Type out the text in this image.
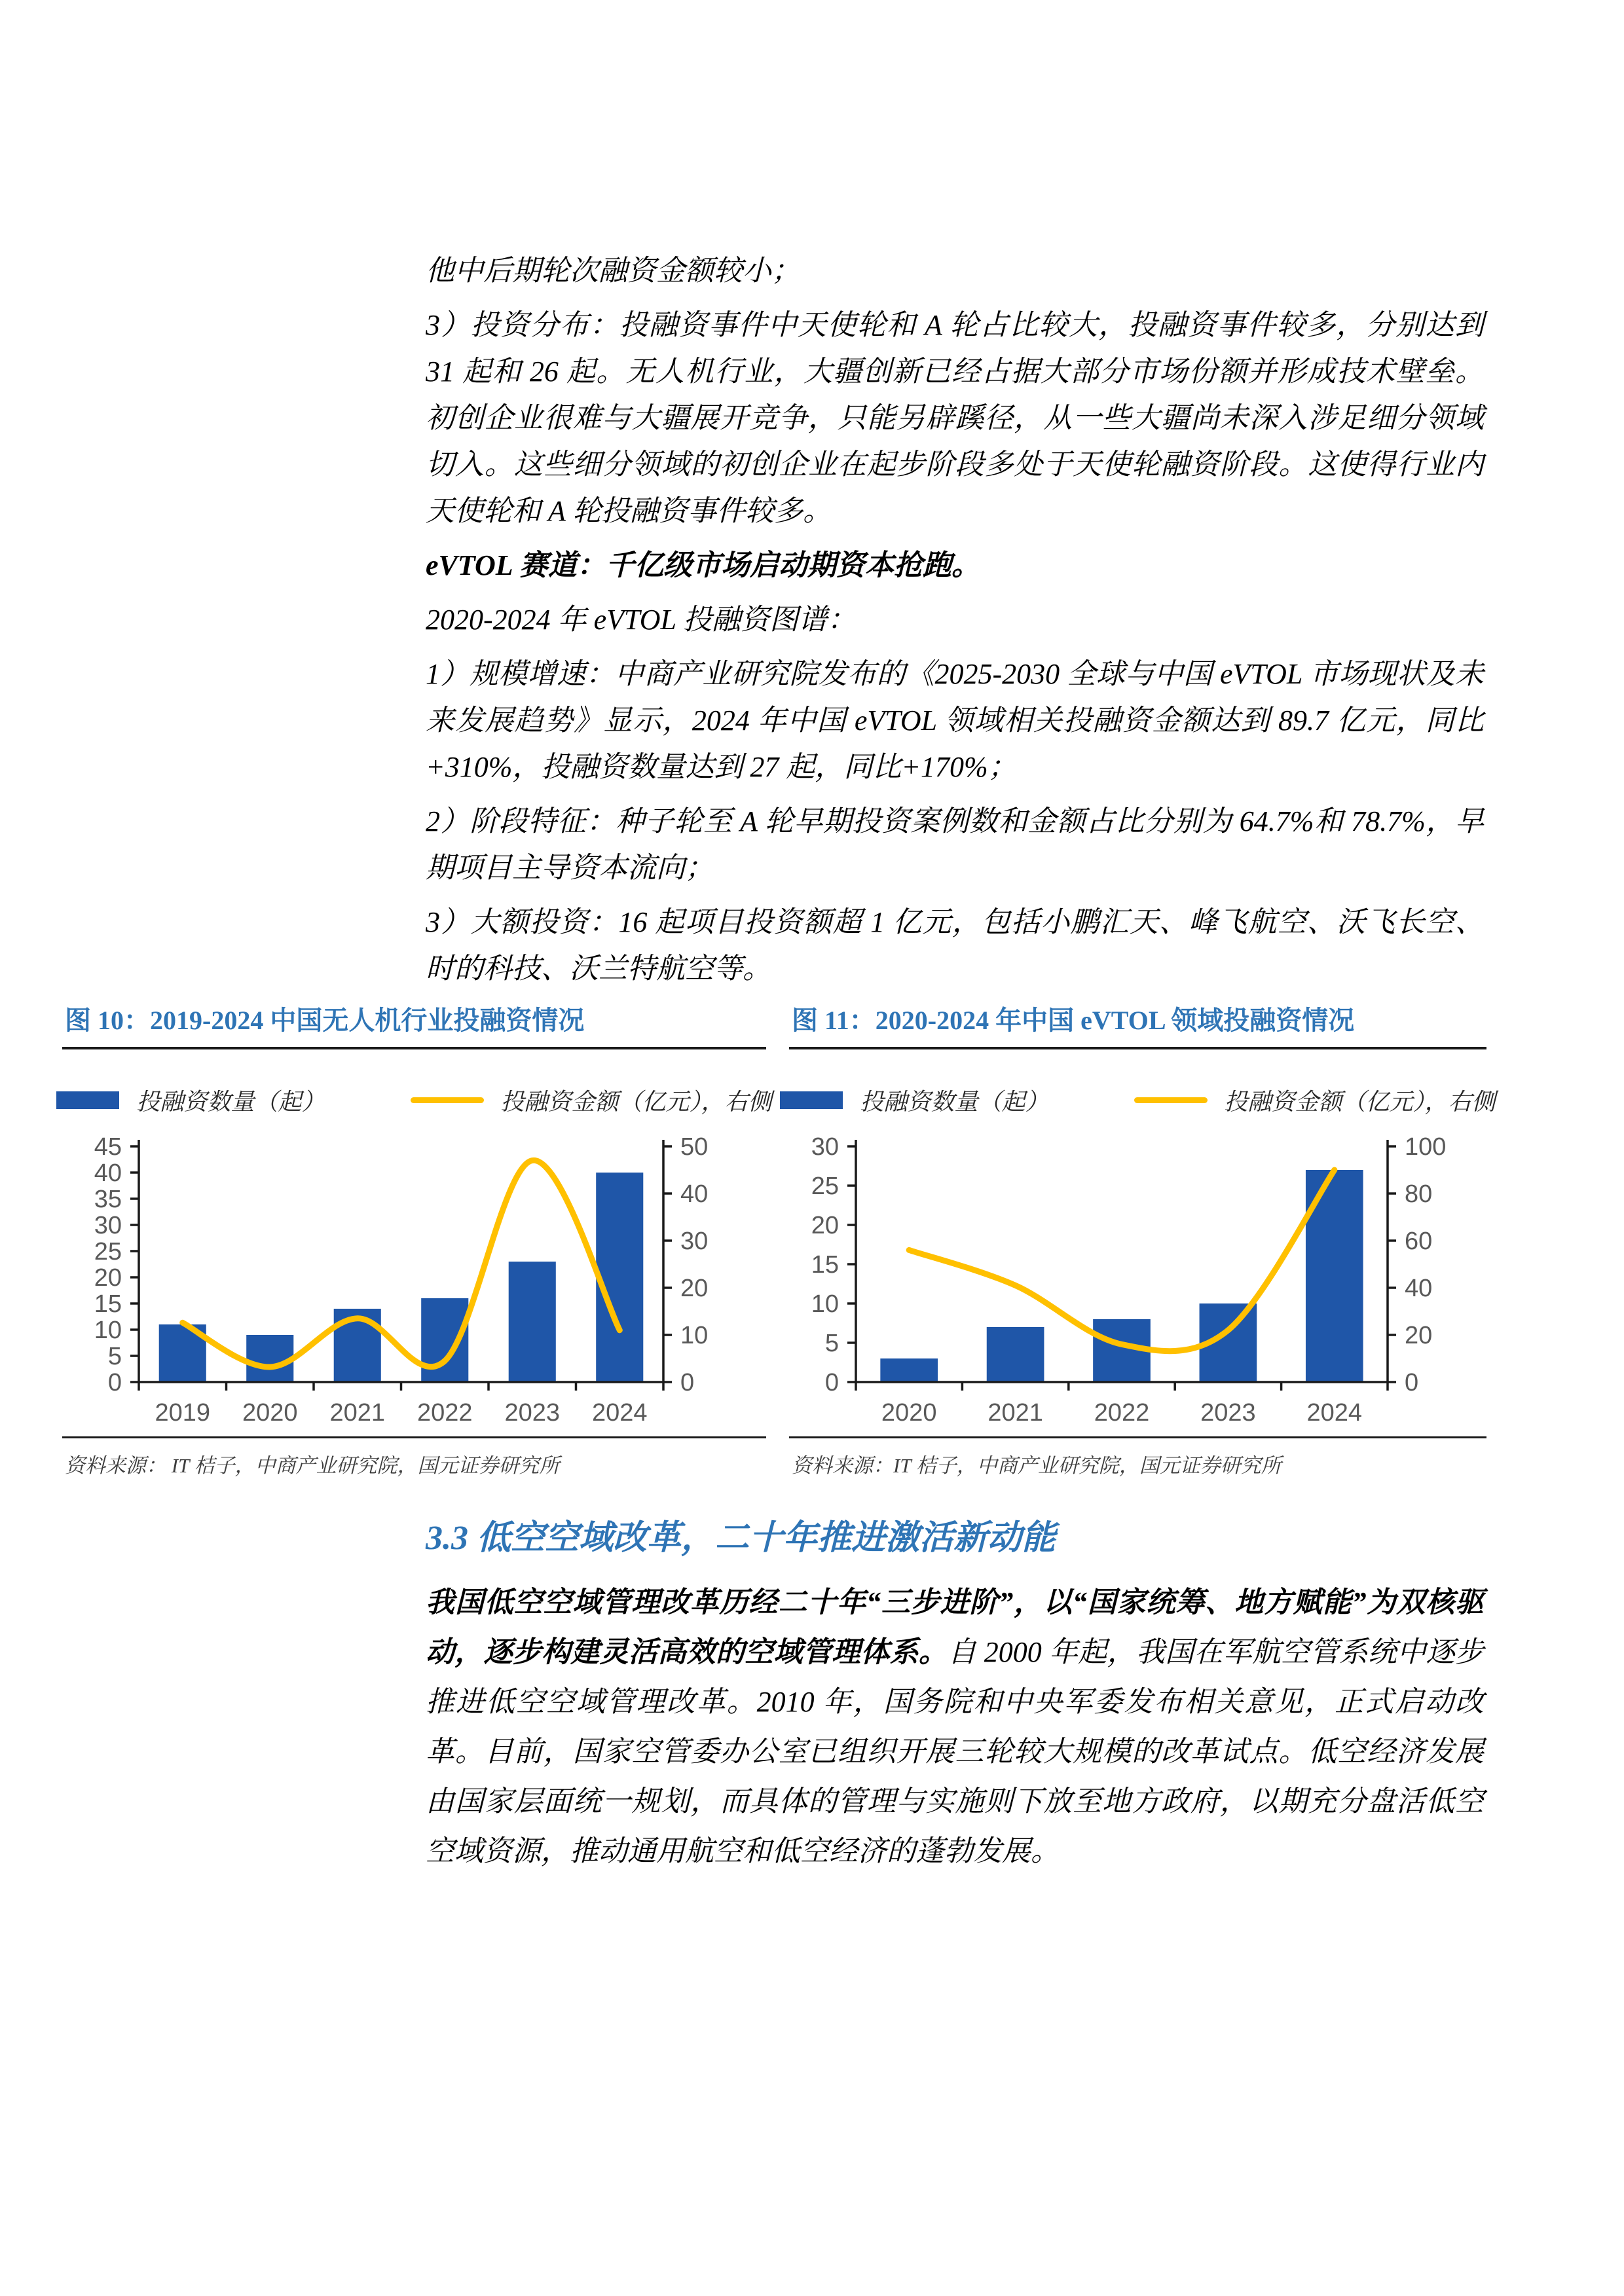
他中后期轮次融资金额较小；

3）投资分布：投融资事件中天使轮和 A 轮占比较大，投融资事件较多，分别达到 31 起和 26 起。无人机行业，大疆创新已经占据大部分市场份额并形成技术壁垒。初创企业很难与大疆展开竞争，只能另辟蹊径，从一些大疆尚未深入涉足细分领域切入。这些细分领域的初创企业在起步阶段多处于天使轮融资阶段。这使得行业内天使轮和 A 轮投融资事件较多。

eVTOL 赛道：千亿级市场启动期资本抢跑。

2020-2024 年 eVTOL 投融资图谱：

1）规模增速：中商产业研究院发布的《2025-2030 全球与中国 eVTOL 市场现状及未来发展趋势》显示，2024 年中国 eVTOL 领域相关投融资金额达到 89.7 亿元，同比+310%，投融资数量达到 27 起，同比+170%；

2）阶段特征：种子轮至 A 轮早期投资案例数和金额占比分别为 64.7%和 78.7%，早期项目主导资本流向；

3）大额投资：16 起项目投资额超 1 亿元，包括小鹏汇天、峰飞航空、沃飞长空、时的科技、沃兰特航空等。

图 10：2019-2024 中国无人机行业投融资情况
投融资数量（起）	投融资金额（亿元），右侧
0
5
10
15
20
25
30
35
40
45
0
10
20
30
40
50
2019 2020 2021 2022 2023 2024
资料来源： IT 桔子，中商产业研究院，国元证券研究所
图 11：2020-2024 年中国 eVTOL 领域投融资情况
投融资数量（起）	投融资金额（亿元），右侧
0
5
10
15
20
25
30
0
20
40
60
80
100
2020 2021 2022 2023 2024
资料来源：IT 桔子，中商产业研究院，国元证券研究所
3.3 低空空域改革，二十年推进激活新动能

我国低空空域管理改革历经二十年“三步进阶”，以“国家统筹、地方赋能”为双核驱动，逐步构建灵活高效的空域管理体系。自 2000 年起，我国在军航空管系统中逐步推进低空空域管理改革。2010 年，国务院和中央军委发布相关意见，正式启动改革。目前，国家空管委办公室已组织开展三轮较大规模的改革试点。低空经济发展由国家层面统一规划，而具体的管理与实施则下放至地方政府，以期充分盘活低空空域资源，推动通用航空和低空经济的蓬勃发展。
